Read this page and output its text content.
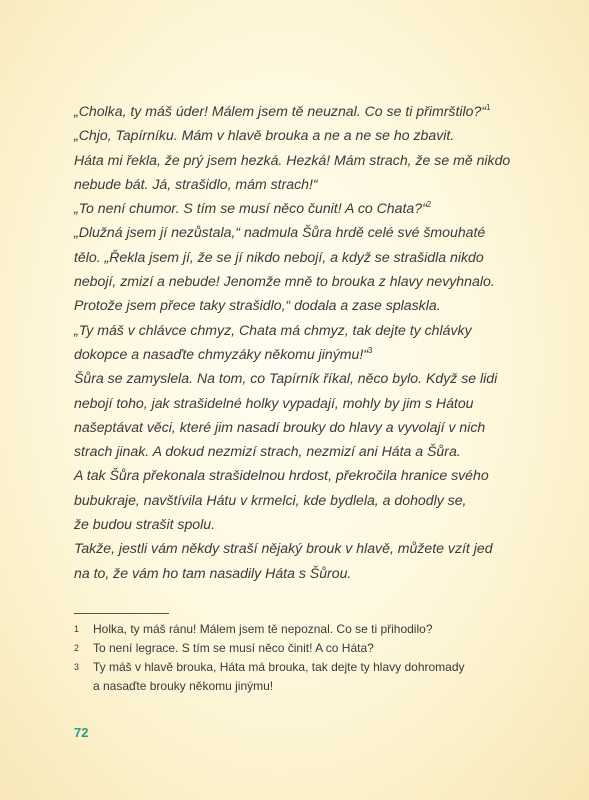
„Cholka, ty máš úder! Málem jsem tě neuznal. Co se ti přimrštilo?“$^1$
„Chjo, Tapírníku. Mám v hlavě brouka a ne a ne se ho zbavit.
Háta mi řekla, že prý jsem hezká. Hezká! Mám strach, že se mě nikdo
nebude bát. Já, strašidlo, mám strach!“
„To není chumor. S tím se musí něco čunit! A co Chata?“$^2$
„Dlužná jsem jí nezůstala,“ nadmula Šůra hrdě celé své šmouhaté
tělo. „Řekla jsem jí, že se jí nikdo nebojí, a když se strašidla nikdo
nebojí, zmizí a nebude! Jenomže mně to brouka z hlavy nevyhnalo.
Protože jsem přece taky strašidlo,“ dodala a zase splaskla.
„Ty máš v chlávce chmyz, Chata má chmyz, tak dejte ty chlávky
dokopce a nasaďte chmyzáky někomu jinýmu!“$^3$
Šůra se zamyslela. Na tom, co Tapírník říkal, něco bylo. Když se lidi
nebojí toho, jak strašidelné holky vypadají, mohly by jim s Hátou
našeptávat věci, které jim nasadí brouky do hlavy a vyvolají v nich
strach jinak. A dokud nezmizí strach, nezmizí ani Háta a Šůra.
A tak Šůra překonala strašidelnou hrdost, překročila hranice svého
bubukraje, navštívila Hátu v krmelci, kde bydlela, a dohodly se,
že budou strašit spolu.
Takže, jestli vám někdy straší nějaký brouk v hlavě, můžete vzít jed
na to, že vám ho tam nasadily Háta s Šůrou.
1 Holka, ty máš ránu! Málem jsem tě nepoznal. Co se ti přihodilo?
2 To není legrace. S tím se musí něco činit! A co Háta?
3 Ty máš v hlavě brouka, Háta má brouka, tak dejte ty hlavy dohromady
a nasaďte brouky někomu jinýmu!
72
